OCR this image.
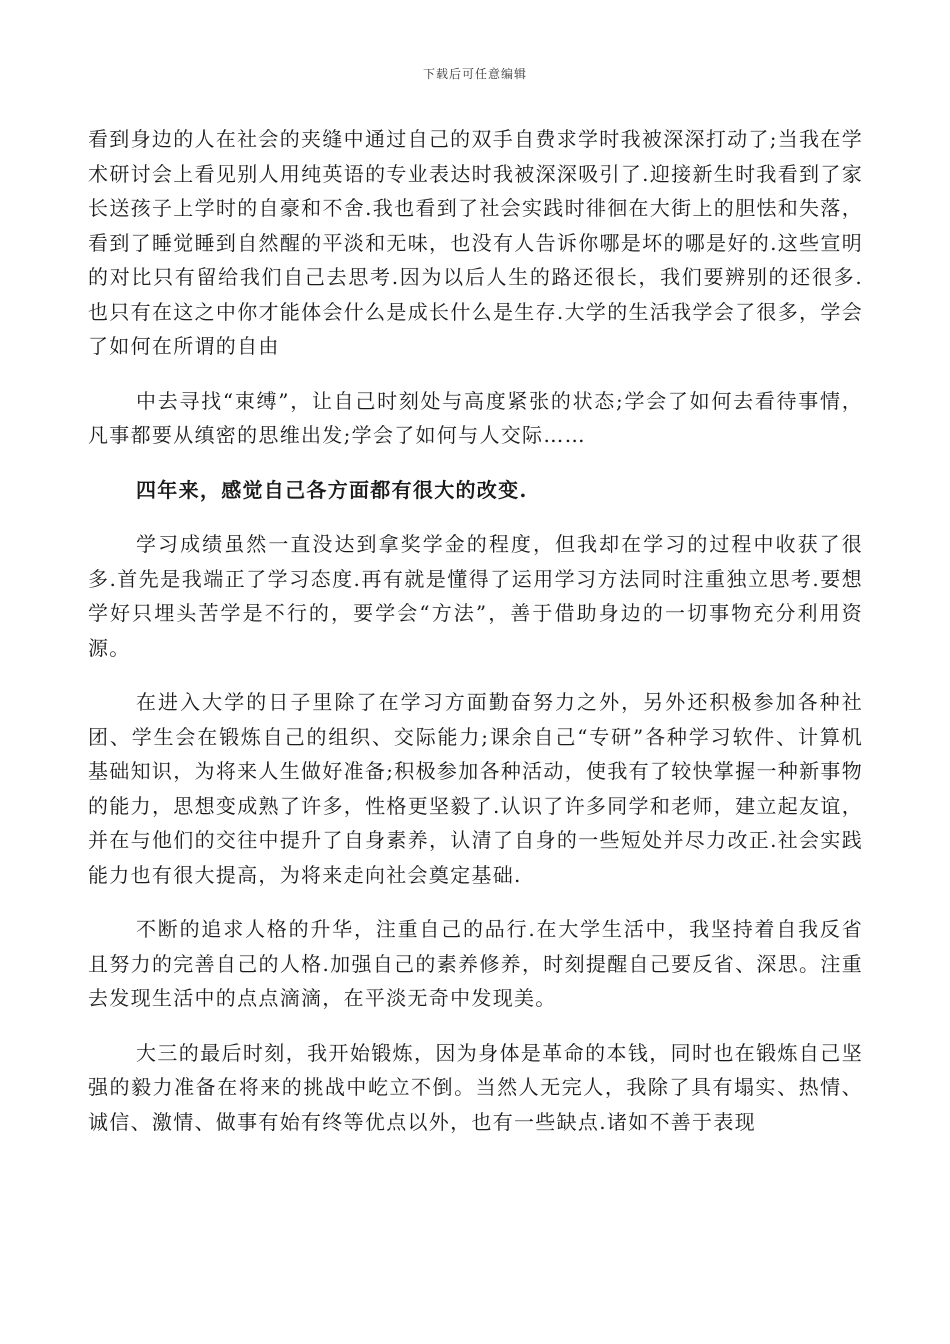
下载后可任意编辑

看到身边的人在社会的夹缝中通过自己的双手自费求学时我被深深打动了;当我在学术研讨会上看见别人用纯英语的专业表达时我被深深吸引了.迎接新生时我看到了家长送孩子上学时的自豪和不舍.我也看到了社会实践时徘徊在大街上的胆怯和失落，看到了睡觉睡到自然醒的平淡和无味，也没有人告诉你哪是坏的哪是好的.这些宣明的对比只有留给我们自己去思考.因为以后人生的路还很长，我们要辨别的还很多.也只有在这之中你才能体会什么是成长什么是生存.大学的生活我学会了很多，学会了如何在所谓的自由

中去寻找“束缚”，让自己时刻处与高度紧张的状态;学会了如何去看待事情，凡事都要从缜密的思维出发;学会了如何与人交际……

四年来，感觉自己各方面都有很大的改变.

学习成绩虽然一直没达到拿奖学金的程度，但我却在学习的过程中收获了很多.首先是我端正了学习态度.再有就是懂得了运用学习方法同时注重独立思考.要想学好只埋头苦学是不行的，要学会“方法”，善于借助身边的一切事物充分利用资源。

在进入大学的日子里除了在学习方面勤奋努力之外，另外还积极参加各种社团、学生会在锻炼自己的组织、交际能力;课余自己“专研”各种学习软件、计算机基础知识，为将来人生做好准备;积极参加各种活动，使我有了较快掌握一种新事物的能力，思想变成熟了许多，性格更坚毅了.认识了许多同学和老师，建立起友谊，并在与他们的交往中提升了自身素养，认清了自身的一些短处并尽力改正.社会实践能力也有很大提高，为将来走向社会奠定基础.

不断的追求人格的升华，注重自己的品行.在大学生活中，我坚持着自我反省且努力的完善自己的人格.加强自己的素养修养，时刻提醒自己要反省、深思。注重去发现生活中的点点滴滴，在平淡无奇中发现美。

大三的最后时刻，我开始锻炼，因为身体是革命的本钱，同时也在锻炼自己坚强的毅力准备在将来的挑战中屹立不倒。当然人无完人，我除了具有塌实、热情、诚信、激情、做事有始有终等优点以外，也有一些缺点.诸如不善于表现
